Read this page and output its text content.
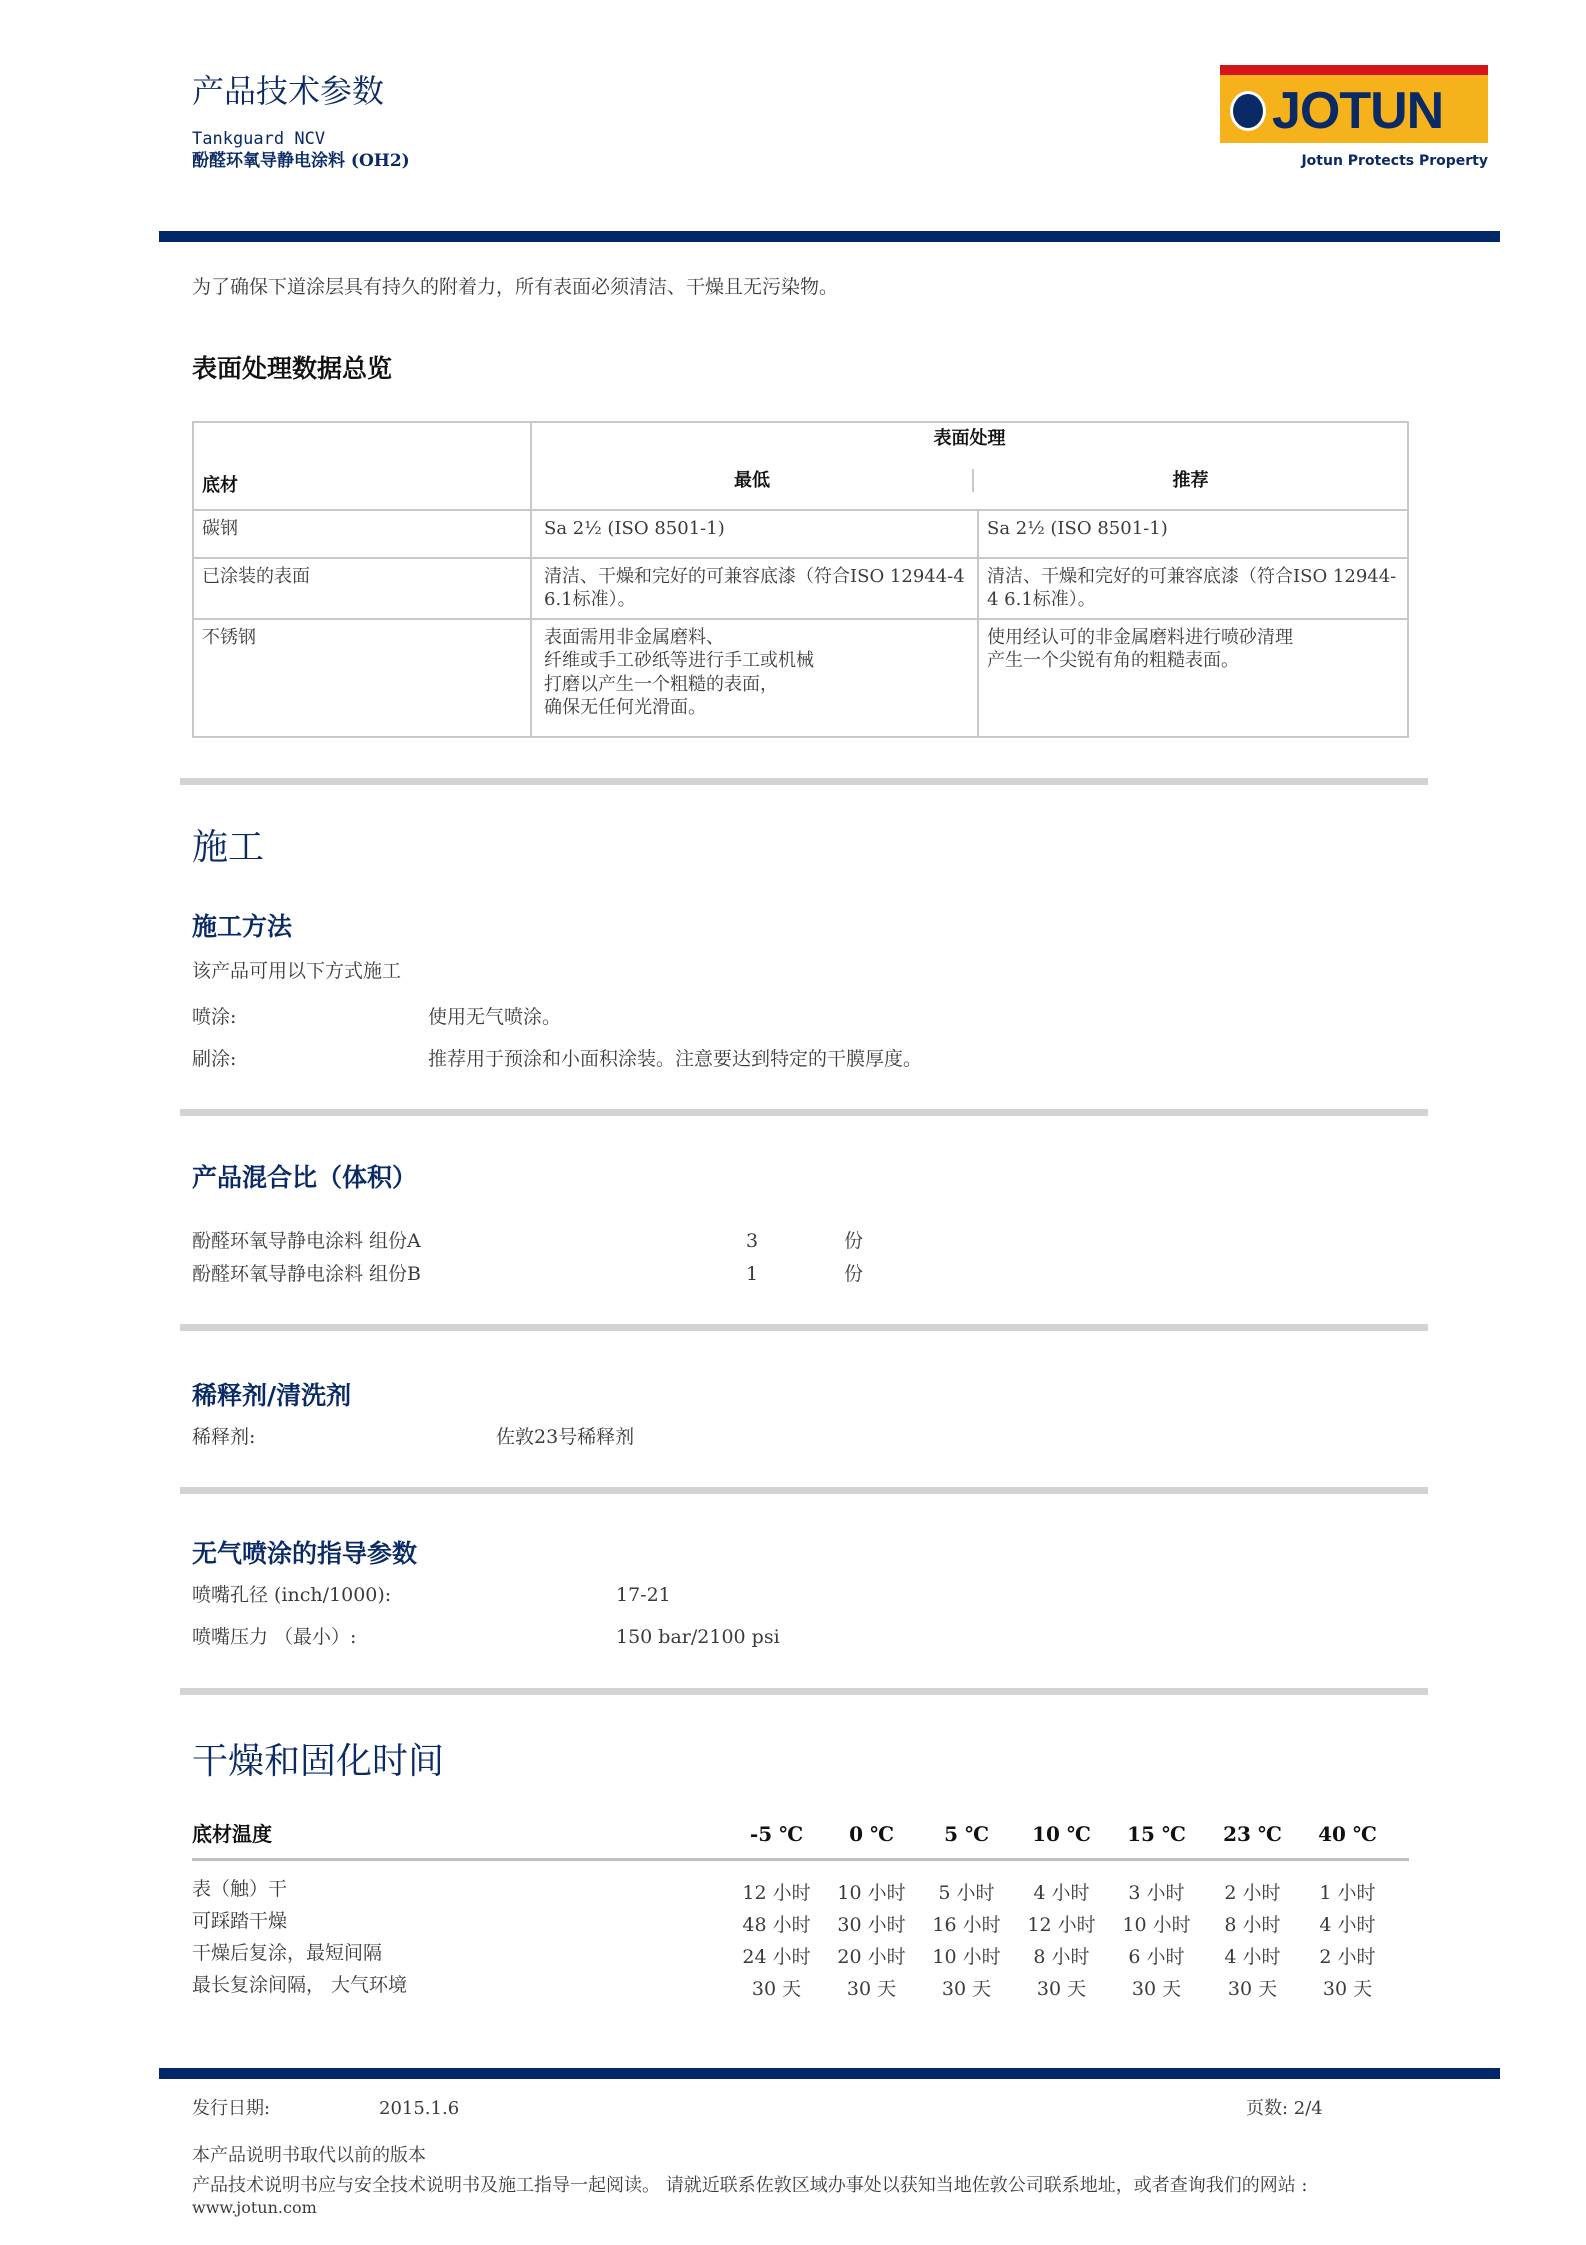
产品技术参数
Tankguard NCV
酚醛环氧导静电涂料 (OH2)
JOTUN
Jotun Protects Property
为了确保下道涂层具有持久的附着力，所有表面必须清洁、干燥且无污染物。
表面处理数据总览
底材	表面处理
最低 推荐	

碳钢	Sa 2½ (ISO 8501-1)	Sa 2½ (ISO 8501-1)
已涂装的表面	清洁、干燥和完好的可兼容底漆（符合ISO 12944-4 6.1标准）。	清洁、干燥和完好的可兼容底漆（符合ISO 12944-4 6.1标准）。
不锈钢	表面需用非金属磨料、
纤维或手工砂纸等进行手工或机械
打磨以产生一个粗糙的表面，
确保无任何光滑面。	使用经认可的非金属磨料进行喷砂清理
产生一个尖锐有角的粗糙表面。
施工
施工方法
该产品可用以下方式施工
喷涂:	使用无气喷涂。
刷涂:	推荐用于预涂和小面积涂装。注意要达到特定的干膜厚度。
产品混合比（体积）
酚醛环氧导静电涂料 组份A	3	份
酚醛环氧导静电涂料 组份B	1	份
稀释剂/清洗剂
稀释剂:	佐敦23号稀释剂
无气喷涂的指导参数
喷嘴孔径 (inch/1000):	17-21
喷嘴压力 （最小）:	150 bar/2100 psi
干燥和固化时间
底材温度	-5 ℃	0 ℃	5 ℃	10 ℃	15 ℃	23 ℃	40 ℃
表（触）干	12 小时	10 小时	5 小时	4 小时	3 小时	2 小时	1 小时
可踩踏干燥	48 小时	30 小时	16 小时	12 小时	10 小时	8 小时	4 小时
干燥后复涂，最短间隔	24 小时	20 小时	10 小时	8 小时	6 小时	4 小时	2 小时
最长复涂间隔， 大气环境	30 天	30 天	30 天	30 天	30 天	30 天	30 天
发行日期:	2015.1.6	页数: 2/4
本产品说明书取代以前的版本
产品技术说明书应与安全技术说明书及施工指导一起阅读。 请就近联系佐敦区域办事处以获知当地佐敦公司联系地址，或者查询我们的网站 :
www.jotun.com
